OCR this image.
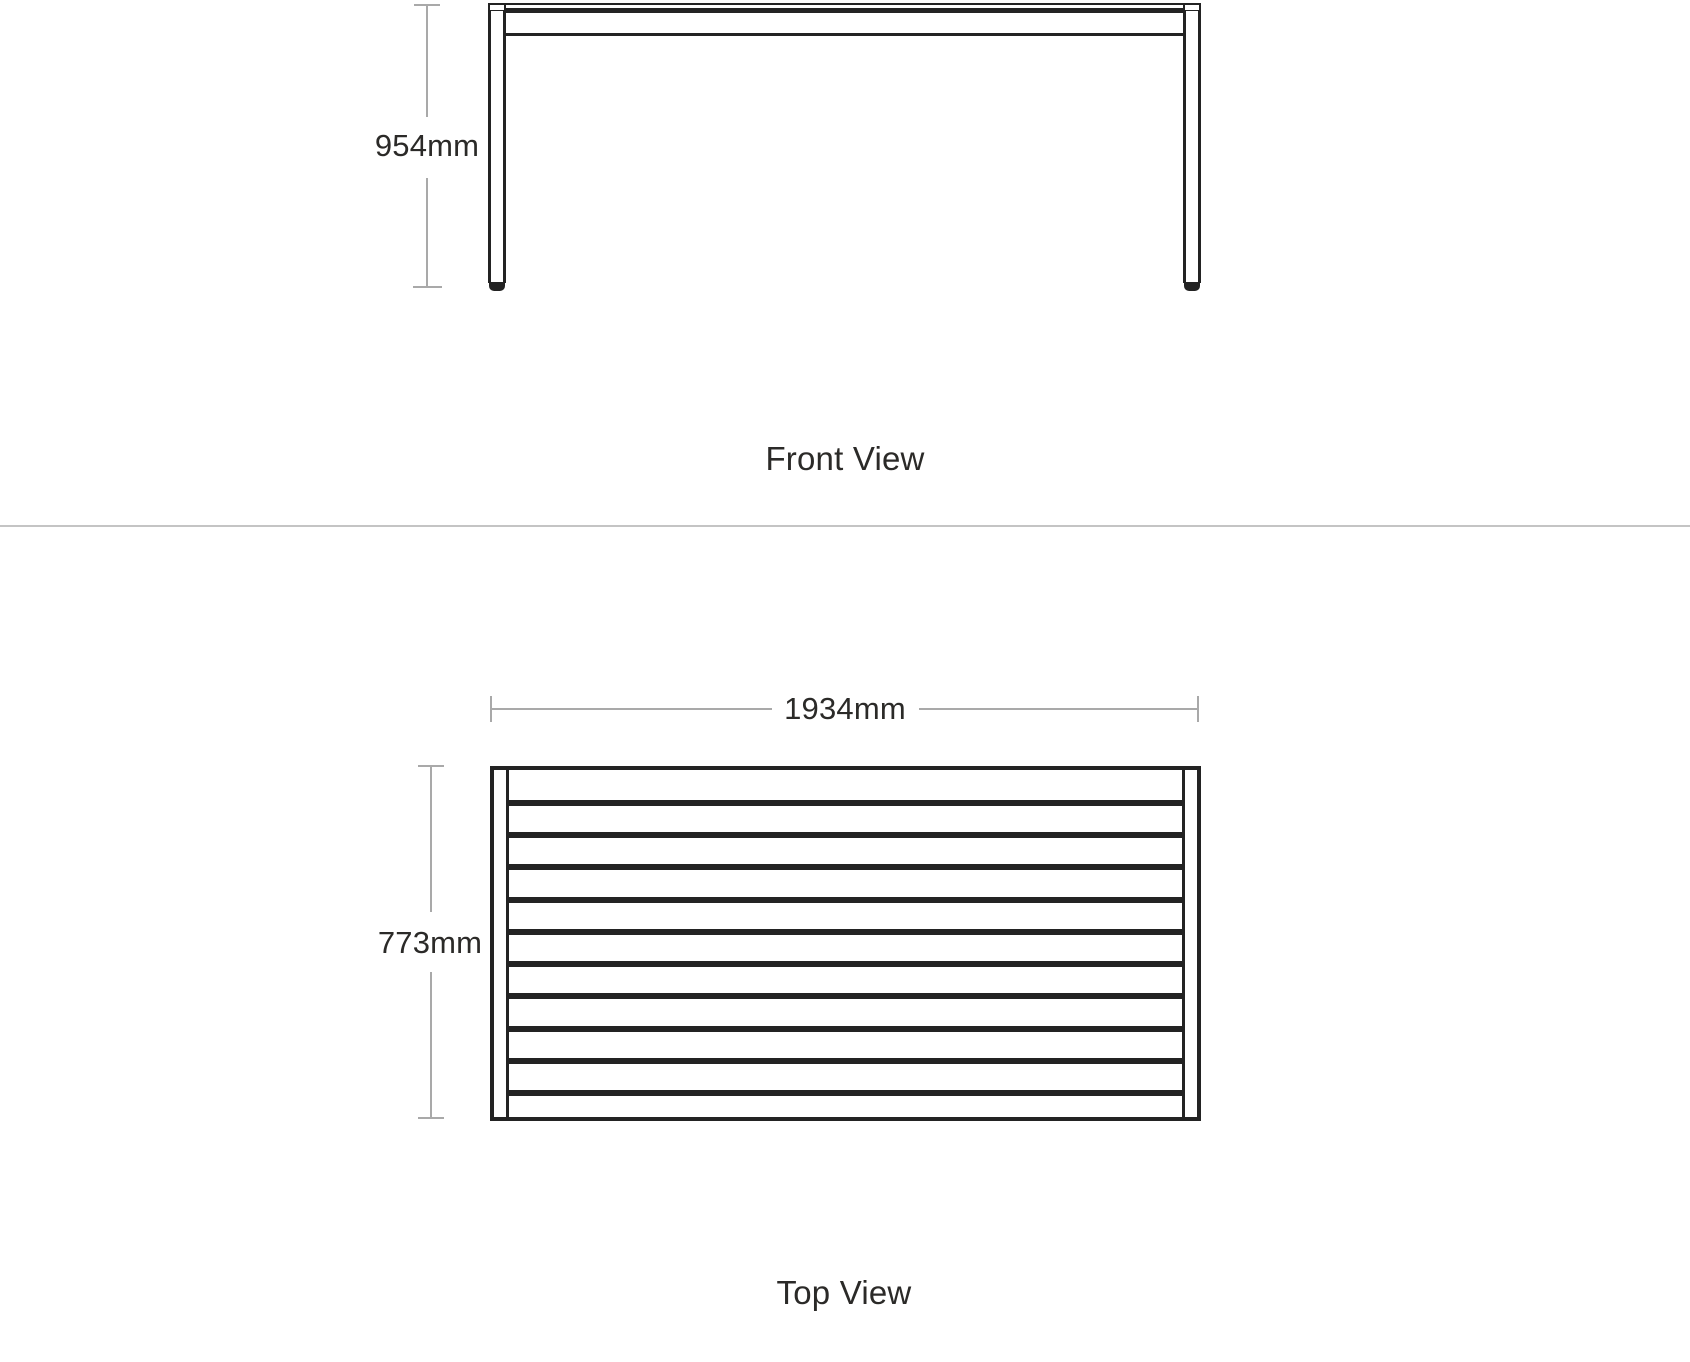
954mm
Front View
1934mm
773mm
Top View
